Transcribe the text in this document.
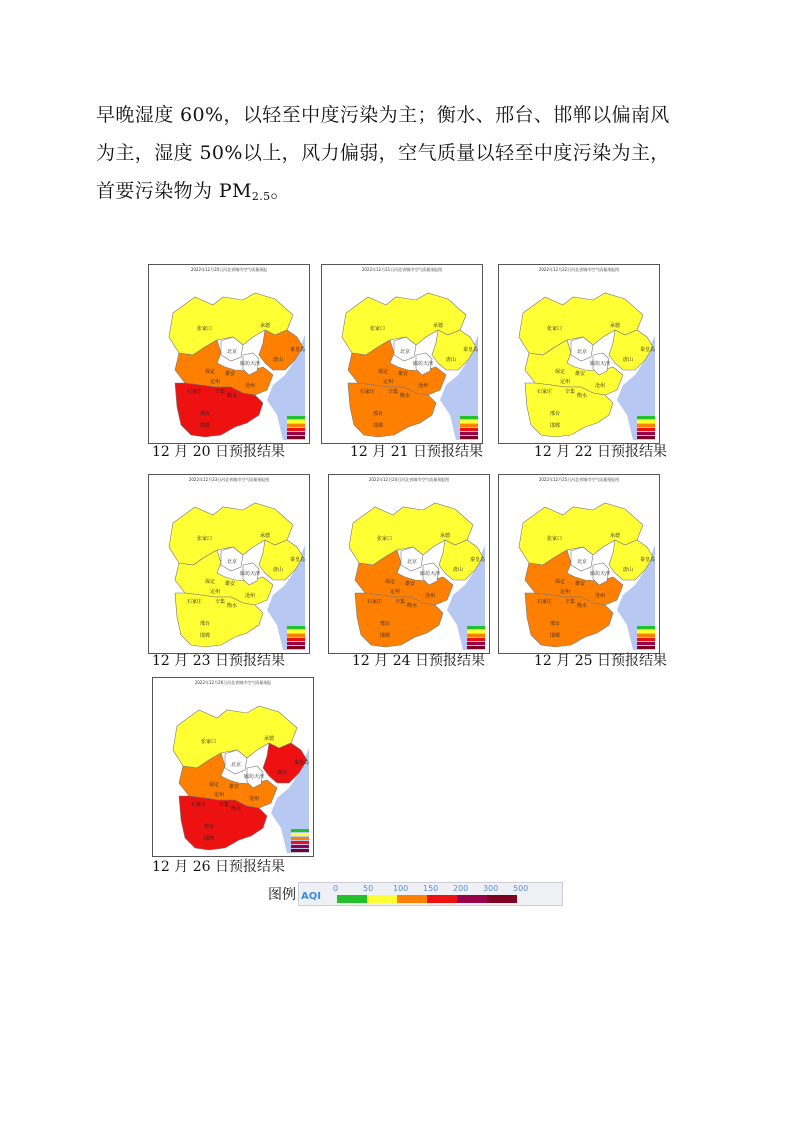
早晚湿度 60%，以轻至中度污染为主；衡水、邢台、邯郸以偏南风

为主，湿度 50%以上，风力偏弱，空气质量以轻至中度污染为主，

首要污染物为 $PM_{2.5}$。

2022年12月20日河北省城市空气质量预报
张家口	承德
北京
天津
秦皇岛
唐山
廊坊
保定
沧州
石家庄
衡水
邢台
邯郸
定州
辛集
雄安
12 月 20 日预报结果
2022年12月21日河北省城市空气质量预报图
张家口	承德
北京
天津
秦皇岛
唐山
廊坊
保定
沧州
石家庄
衡水
邢台
邯郸
定州
辛集
雄安
12 月 21 日预报结果
2022年12月22日河北省城市空气质量预报图
张家口	承德
北京
天津
秦皇岛
唐山
廊坊
保定
沧州
石家庄
衡水
邢台
邯郸
定州
辛集
雄安
12 月 22 日预报结果
2022年12月23日河北省城市空气质量预报图
张家口	承德
北京
天津
秦皇岛
唐山
廊坊
保定
沧州
石家庄
衡水
邢台
邯郸
定州
辛集
雄安
12 月 23 日预报结果
2022年12月24日河北省城市空气质量预报图
张家口	承德
北京
天津
秦皇岛
唐山
廊坊
保定
沧州
石家庄
衡水
邢台
邯郸
定州
辛集
雄安
12 月 24 日预报结果
2022年12月25日河北省城市空气质量预报图
张家口	承德
北京
天津
秦皇岛
唐山
廊坊
保定
沧州
石家庄
衡水
邢台
邯郸
定州
辛集
雄安
12 月 25 日预报结果
2022年12月26日河北省城市空气质量预报
张家口	承德
北京
天津
秦皇岛
唐山
廊坊
保定
沧州
石家庄
衡水
邢台
邯郸
定州
辛集
雄安
12 月 26 日预报结果
图例 AQI
0	50 100 150 200 300 500
